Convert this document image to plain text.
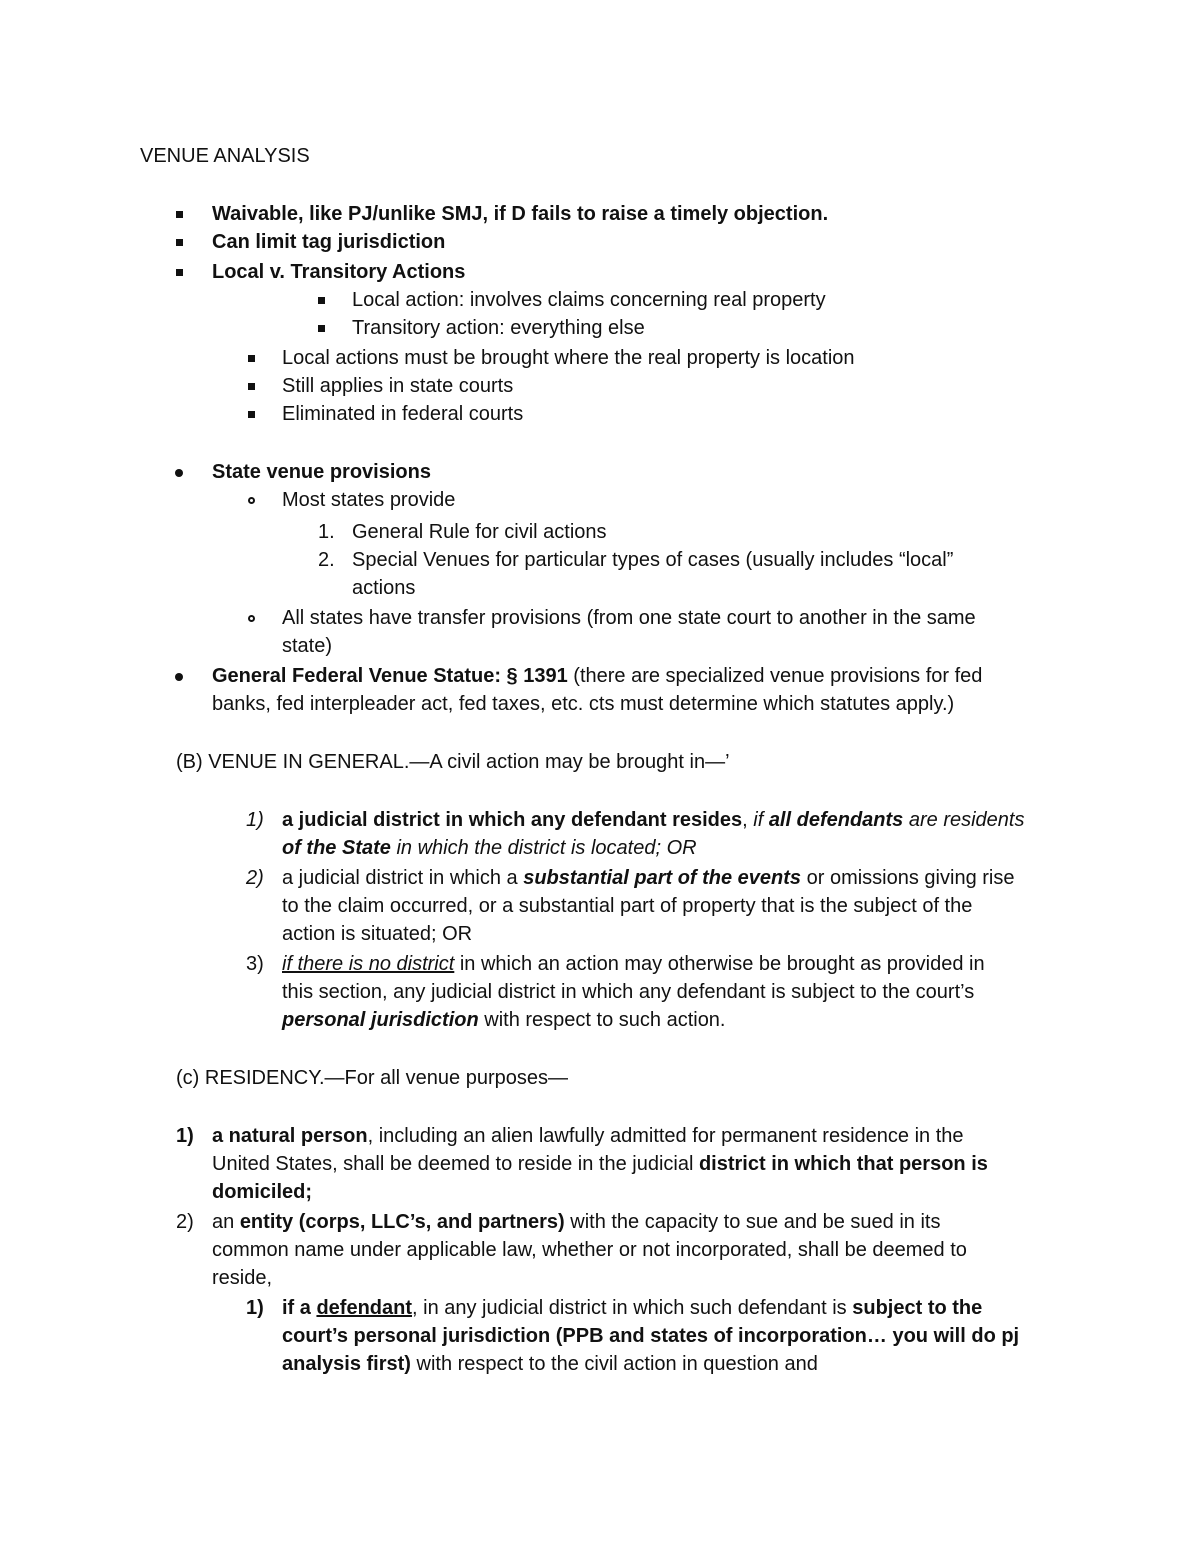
VENUE ANALYSIS
Waivable, like PJ/unlike SMJ, if D fails to raise a timely objection.
Can limit tag jurisdiction
Local v. Transitory Actions
Local action: involves claims concerning real property
Transitory action: everything else
Local actions must be brought where the real property is location
Still applies in state courts
Eliminated in federal courts
State venue provisions
Most states provide
1. General Rule for civil actions
2. Special Venues for particular types of cases (usually includes “local”
actions
All states have transfer provisions (from one state court to another in the same
state)
General Federal Venue Statue: § 1391 (there are specialized venue provisions for fed
banks, fed interpleader act, fed taxes, etc. cts must determine which statutes apply.)
(B) VENUE IN GENERAL.—A civil action may be brought in—’
1) a judicial district in which any defendant resides, if all defendants are residents
of the State in which the district is located; OR
2) a judicial district in which a substantial part of the events or omissions giving rise
to the claim occurred, or a substantial part of property that is the subject of the
action is situated; OR
3) if there is no district in which an action may otherwise be brought as provided in
this section, any judicial district in which any defendant is subject to the court’s
personal jurisdiction with respect to such action.
(c) RESIDENCY.—For all venue purposes—
1) a natural person, including an alien lawfully admitted for permanent residence in the
United States, shall be deemed to reside in the judicial district in which that person is
domiciled;
2) an entity (corps, LLC’s, and partners) with the capacity to sue and be sued in its
common name under applicable law, whether or not incorporated, shall be deemed to
reside,
1) if a defendant, in any judicial district in which such defendant is subject to the
court’s personal jurisdiction (PPB and states of incorporation… you will do pj
analysis first) with respect to the civil action in question and
